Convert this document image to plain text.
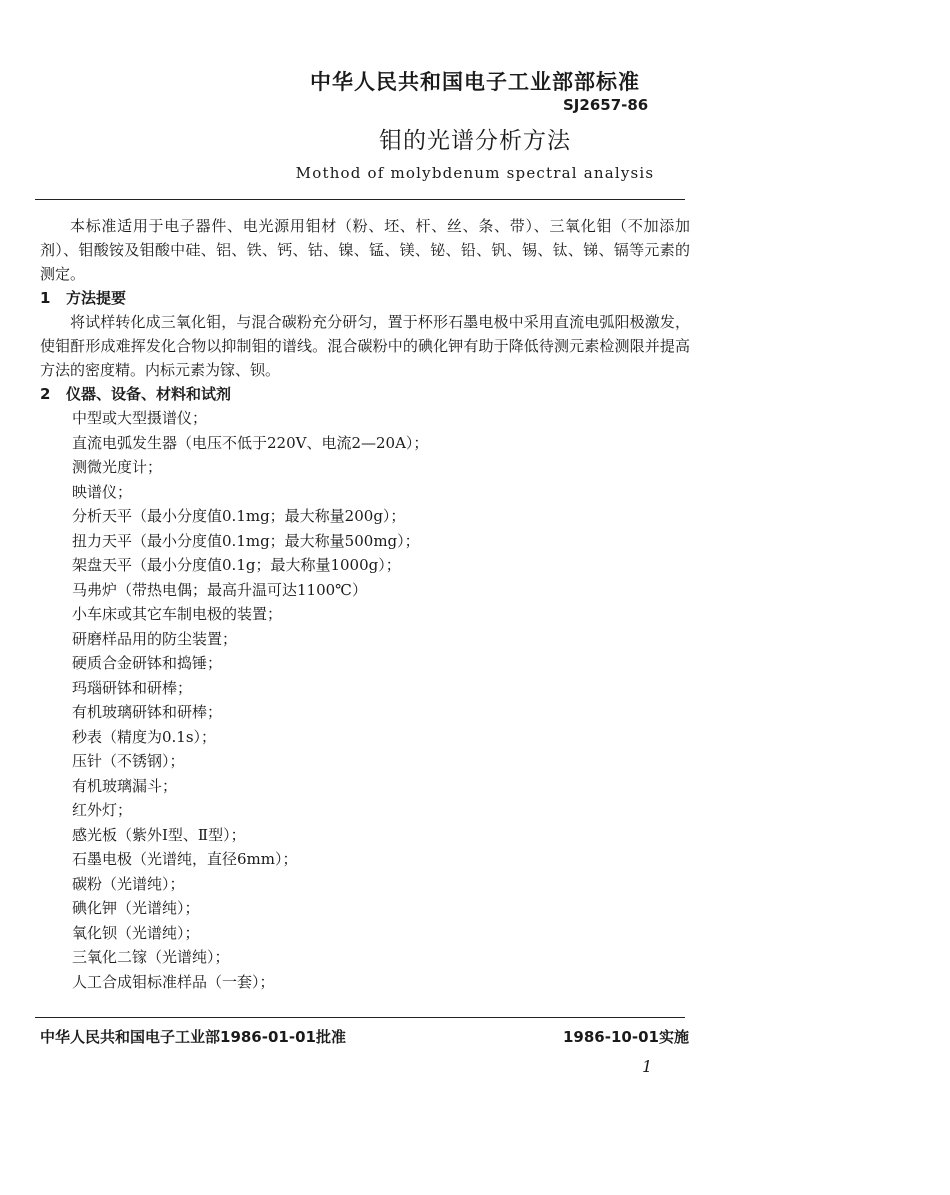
中华人民共和国电子工业部部标准
SJ2657-86
钼的光谱分析方法
Mothod of molybdenum spectral analysis

本标准适用于电子器件、电光源用钼材（粉、坯、杆、丝、条、带）、三氧化钼（不加添加剂）、钼酸铵及钼酸中硅、铝、铁、钙、钴、镍、锰、镁、铋、铅、钒、锡、钛、锑、镉等元素的测定。

1 方法提要

将试样转化成三氧化钼，与混合碳粉充分研匀，置于杯形石墨电极中采用直流电弧阳极激发，使钼酐形成难挥发化合物以抑制钼的谱线。混合碳粉中的碘化钾有助于降低待测元素检测限并提高方法的密度精。内标元素为镓、钡。

2 仪器、设备、材料和试剂

中型或大型摄谱仪；
直流电弧发生器（电压不低于220V、电流2—20A）；
测微光度计；
映谱仪；
分析天平（最小分度值0.1mg；最大称量200g）；
扭力天平（最小分度值0.1mg；最大称量500mg）；
架盘天平（最小分度值0.1g；最大称量1000g）；
马弗炉（带热电偶；最高升温可达1100℃）
小车床或其它车制电极的装置；
研磨样品用的防尘装置；
硬质合金研钵和捣锤；
玛瑙研钵和研棒；
有机玻璃研钵和研棒；
秒表（精度为0.1s）；
压针（不锈钢）；
有机玻璃漏斗；
红外灯；
感光板（紫外Ⅰ型、Ⅱ型）；
石墨电极（光谱纯，直径6mm）；
碳粉（光谱纯）；
碘化钾（光谱纯）；
氧化钡（光谱纯）；
三氧化二镓（光谱纯）；
人工合成钼标准样品（一套）；
中华人民共和国电子工业部1986-01-01批准	1986-10-01实施
1
